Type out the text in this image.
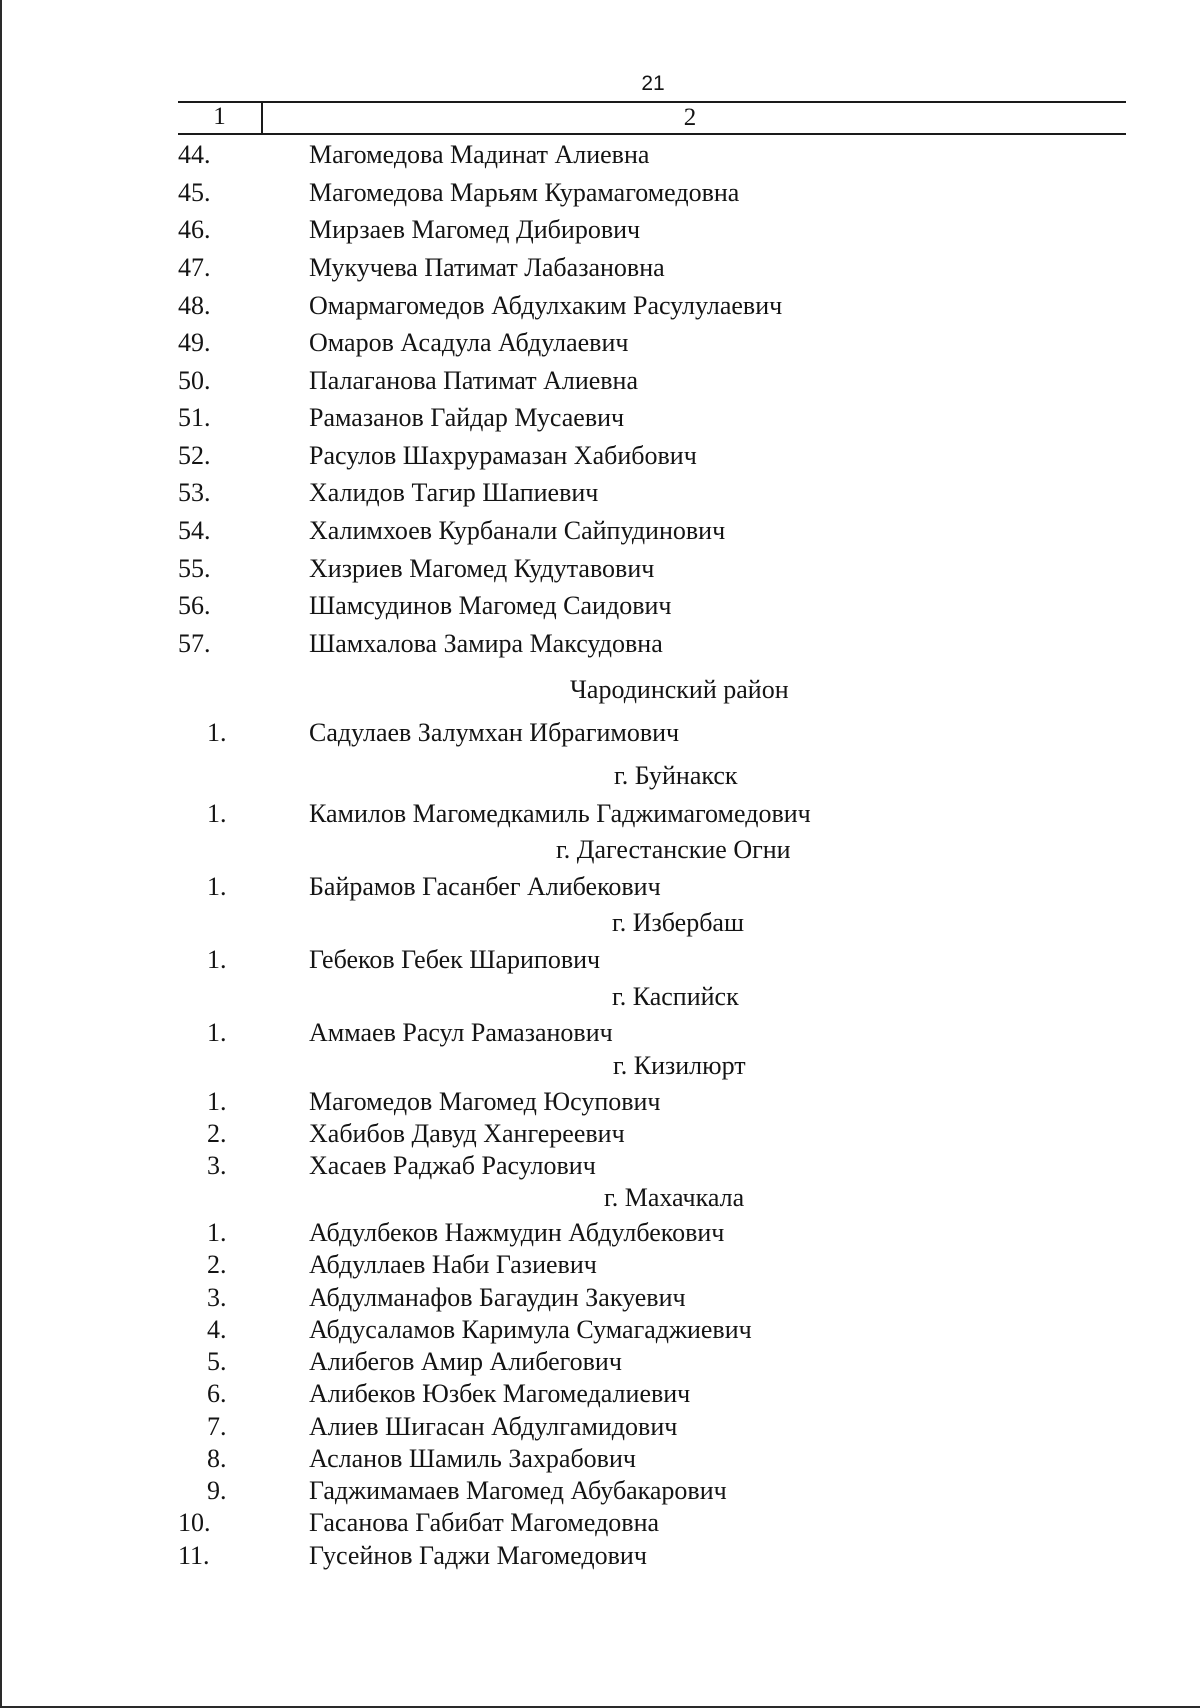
21
1	2
44.	Магомедова Мадинат Алиевна
45.	Магомедова Марьям Курамагомедовна
46.	Мирзаев Магомед Дибирович
47.	Мукучева Патимат Лабазановна
48.	Омармагомедов Абдулхаким Расулулаевич
49.	Омаров Асадула Абдулаевич
50.	Палаганова Патимат Алиевна
51.	Рамазанов Гайдар Мусаевич
52.	Расулов Шахрурамазан Хабибович
53.	Халидов Тагир Шапиевич
54.	Халимхоев Курбанали Сайпудинович
55.	Хизриев Магомед Кудутавович
56.	Шамсудинов Магомед Саидович
57.	Шамхалова Замира Максудовна
Чародинский район
1.	Садулаев Залумхан Ибрагимович
г. Буйнакск
1.	Камилов Магомедкамиль Гаджимагомедович
г. Дагестанские Огни
1.	Байрамов Гасанбег Алибекович
г. Избербаш
1.	Гебеков Гебек Шарипович
г. Каспийск
1.	Аммаев Расул Рамазанович
г. Кизилюрт
1.	Магомедов Магомед Юсупович
2.	Хабибов Давуд Хангереевич
3.	Хасаев Раджаб Расулович
г. Махачкала
1.	Абдулбеков Нажмудин Абдулбекович
2.	Абдуллаев Наби Газиевич
3.	Абдулманафов Багаудин Закуевич
4.	Абдусаламов Каримула Сумагаджиевич
5.	Алибегов Амир Алибегович
6.	Алибеков Юзбек Магомедалиевич
7.	Алиев Шигасан Абдулгамидович
8.	Асланов Шамиль Захрабович
9.	Гаджимамаев Магомед Абубакарович
10.	Гасанова Габибат Магомедовна
11.	Гусейнов Гаджи Магомедович
